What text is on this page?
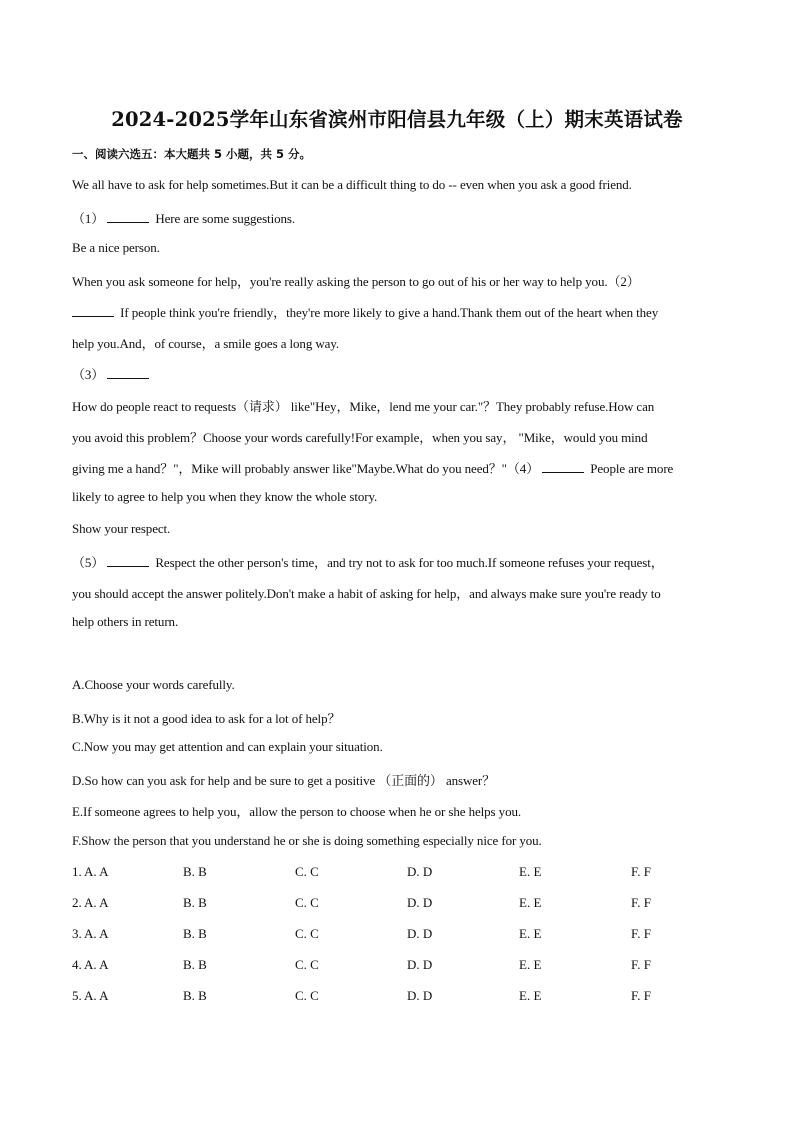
2024-2025学年山东省滨州市阳信县九年级（上）期末英语试卷
一、阅读六选五：本大题共 5 小题，共 5 分。
We all have to ask for help sometimes.But it can be a difficult thing to do -- even when you ask a good friend.
（1）	Here are some suggestions.
Be a nice person.
When you ask someone for help，you're really asking the person to go out of his or her way to help you.（2）
If people think you're friendly，they're more likely to give a hand.Thank them out of the heart when they
help you.And，of course，a smile goes a long way.
（3）
How do people react to requests（请求） like"Hey，Mike，lend me your car."？They probably refuse.How can
you avoid this problem？Choose your words carefully!For example，when you say， "Mike，would you mind
giving me a hand？"，Mike will probably answer like"Maybe.What do you need？"（4）	People are more
likely to agree to help you when they know the whole story.
Show your respect.
（5）	Respect the other person's time，and try not to ask for too much.If someone refuses your request，
you should accept the answer politely.Don't make a habit of asking for help，and always make sure you're ready to
help others in return.
A.Choose your words carefully.
B.Why is it not a good idea to ask for a lot of help？
C.Now you may get attention and can explain your situation.
D.So how can you ask for help and be sure to get a positive （正面的） answer？
E.If someone agrees to help you，allow the person to choose when he or she helps you.
F.Show the person that you understand he or she is doing something especially nice for you.
1. A. A	B. B	C. C	D. D	E. E	F. F
2. A. A	B. B	C. C	D. D	E. E	F. F
3. A. A	B. B	C. C	D. D	E. E	F. F
4. A. A	B. B	C. C	D. D	E. E	F. F
5. A. A	B. B	C. C	D. D	E. E	F. F
